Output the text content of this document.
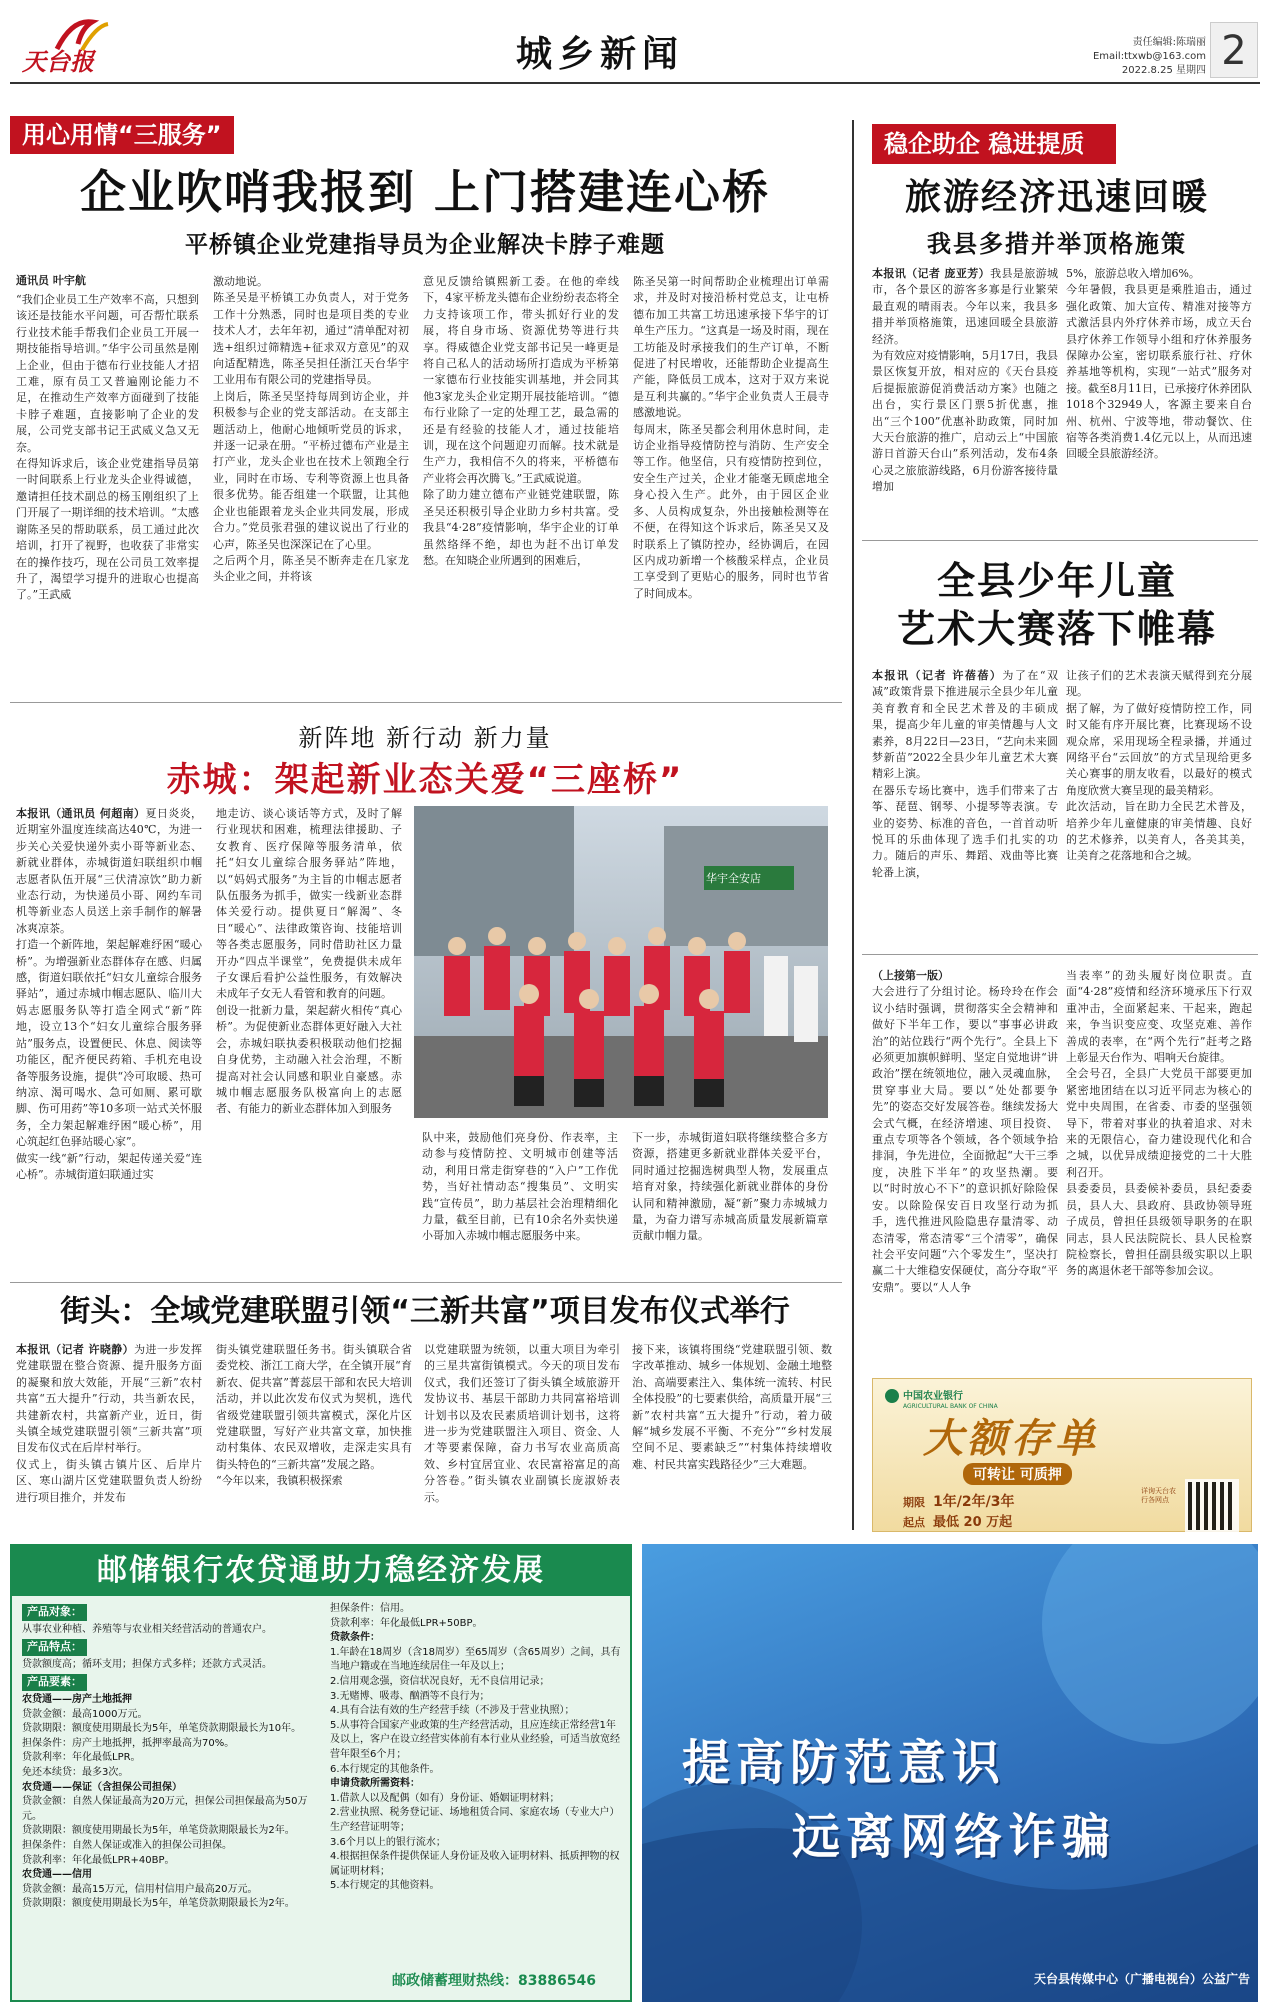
天台报	城乡新闻	责任编辑:陈瑞丽
Email:ttxwb@163.com
2022.8.25 星期四 2
用心用情“三服务”
企业吹哨我报到 上门搭建连心桥
平桥镇企业党建指导员为企业解决卡脖子难题
通讯员 叶宇航
“我们企业员工生产效率不高，只想到该还是技能水平问题，可否帮忙联系行业技术能手帮我们企业员工开展一期技能指导培训。”华宇公司虽然是刚上企业，但由于德布行业技能人才招工难，原有员工又普遍刚论能力不足，在推动生产效率方面碰到了技能卡脖子难题，直接影响了企业的发展，公司党支部书记王武威义急又无奈。
在得知诉求后，该企业党建指导员第一时间联系上行业龙头企业得诚德，邀请担任技术副总的杨玉刚组织了上门开展了一期详细的技术培训。“太感谢陈圣吴的帮助联系，员工通过此次培训，打开了视野，也收获了非常实在的操作技巧，现在公司员工效率提升了，渴望学习提升的进取心也提高了。”王武威
激动地说。
陈圣吴是平桥镇工办负责人，对于党务工作十分熟悉，同时也是项目类的专业技术人才，去年年初，通过“清单配对初选+组织过筛精选+征求双方意见”的双向适配精选，陈圣吴担任浙江天台华宇工业用布有限公司的党建指导员。
上岗后，陈圣吴坚持每周到访企业，并积极参与企业的党支部活动。在支部主题活动上，他耐心地倾听党员的诉求，并逐一记录在册。“平桥过德布产业是主打产业，龙头企业也在技术上领跑全行业，同时在市场、专利等资源上也具备很多优势。能否组建一个联盟，让其他企业也能跟着龙头企业共同发展，形成合力。”党员张君强的建议说出了行业的心声，陈圣吴也深深记在了心里。
之后两个月，陈圣吴不断奔走在几家龙头企业之间，并将该
意见反馈给镇熙新工委。在他的牵线下，4家平桥龙头德布企业纷纷表态将全力支持该项工作，带头抓好行业的发展，将自身市场、资源优势等进行共享。得威德企业党支部书记吴一峰更是将自己私人的活动场所打造成为平桥第一家德布行业技能实训基地，并会同其他3家龙头企业定期开展技能培训。“德布行业除了一定的处理工艺，最急需的还是有经验的技能人才，通过技能培训，现在这个问题迎刃而解。技术就是生产力，我相信不久的将来，平桥德布产业将会再次腾飞。”王武威说道。
除了助力建立德布产业链党建联盟，陈圣吴还积极引导企业助力乡村共富。受我县“4·28”疫情影响，华宇企业的订单虽然络绎不绝，却也为赶不出订单发愁。在知晓企业所遇到的困难后，
陈圣吴第一时间帮助企业梳理出订单需求，并及时对接沿桥村党总支，让屯桥德布加工共富工坊迅速承接下华宇的订单生产压力。“这真是一场及时雨，现在工坊能及时承接我们的生产订单，不断促进了村民增收，还能帮助企业提高生产能，降低员工成本，这对于双方来说是互利共赢的。”华宇企业负责人王晨寺感激地说。
每周末，陈圣吴都会利用休息时间，走访企业指导疫情防控与消防、生产安全等工作。他坚信，只有疫情防控到位，安全生产过关，企业才能毫无顾虑地全身心投入生产。此外，由于园区企业多、人员构成复杂，外出接触检测等在不便，在得知这个诉求后，陈圣吴又及时联系上了镇防控办，经协调后，在园区内成功新增一个核酸采样点，企业员工享受到了更贴心的服务，同时也节省了时间成本。
稳企助企 稳进提质
旅游经济迅速回暖
我县多措并举顶格施策
本报讯（记者 庞亚芳）我县是旅游城市，各个景区的游客多寡是行业繁荣最直观的晴雨表。今年以来，我县多措并举顶格施策，迅速回暖全县旅游经济。
为有效应对疫情影响，5月17日，我县景区恢复开放，相对应的《天台县疫后提振旅游促消费活动方案》也随之出台，实行景区门票5折优惠，推出“三个100”优惠补助政策，同时加大天台旅游的推广，启动云上“中国旅游日首游天台山”系列活动，发布4条心灵之旅旅游线路，6月份游客接待量增加
5%，旅游总收入增加6%。
今年暑假，我县更是乘胜追击，通过强化政策、加大宣传、精准对接等方式激活县内外疗休养市场，成立天台县疗休养工作领导小组和疗休养服务保障办公室，密切联系旅行社、疗休养基地等机构，实现“一站式”服务对接。截至8月11日，已承接疗休养团队1018个32949人，客源主要来自台州、杭州、宁波等地，带动餐饮、住宿等各类消费1.4亿元以上，从而迅速回暖全县旅游经济。
全县少年儿童
艺术大赛落下帷幕
本报讯（记者 许蓓蓓）为了在“双减”政策背景下推进展示全县少年儿童美育教育和全民艺术普及的丰硕成果，提高少年儿童的审美情趣与人文素养，8月22日—23日，“艺向未来圆梦新苗”2022全县少年儿童艺术大赛精彩上演。
在器乐专场比赛中，选手们带来了古筝、琵琶、钢琴、小提琴等表演。专业的姿势、标准的音色，一首首动听悦耳的乐曲体现了选手们扎实的功力。随后的声乐、舞蹈、戏曲等比赛轮番上演，
让孩子们的艺术表演天赋得到充分展现。
据了解，为了做好疫情防控工作，同时又能有序开展比赛，比赛现场不设观众席，采用现场全程录播，并通过网络平台“云回放”的方式呈现给更多关心赛事的朋友收看，以最好的模式角度欣赏大赛呈现的最美精彩。
此次活动，旨在助力全民艺术普及，培养少年儿童健康的审美情趣、良好的艺术修养，以美育人，各美其美，让美育之花落地和合之城。
新阵地 新行动 新力量
赤城：架起新业态关爱“三座桥”
本报讯（通讯员 何超南）夏日炎炎，近期室外温度连续高达40℃，为进一步关心关爱快递外卖小哥等新业态、新就业群体，赤城街道妇联组织巾帼志愿者队伍开展“三伏清凉饮”助力新业态行动，为快递员小哥、网约车司机等新业态人员送上亲手制作的解暑冰爽凉茶。
打造一个新阵地，架起解难纾困“暖心桥”。为增强新业态群体存在感、归属感，街道妇联依托“妇女儿童综合服务驿站”，通过赤城巾帼志愿队、临川大妈志愿服务队等打造全网式“新”阵地，设立13个“妇女儿童综合服务驿站”服务点，设置便民、休息、阅读等功能区，配齐便民药箱、手机充电设备等服务设施，提供“冷可取暖、热可纳凉、渴可喝水、急可如厕、累可歇脚、伤可用药”等10多项一站式关怀服务，全力架起解难纾困“暖心桥”，用心筑起红色驿站暖心家”。
做实一线“新”行动，架起传递关爱“连心桥”。赤城街道妇联通过实
地走访、谈心谈话等方式，及时了解行业现状和困难，梳理法律援助、子女教育、医疗保障等服务清单，依托“妇女儿童综合服务驿站”阵地，以“妈妈式服务”为主旨的巾帼志愿者队伍服务为抓手，做实一线新业态群体关爱行动。提供夏日“解渴”、冬日“暖心”、法律政策咨询、技能培训等各类志愿服务，同时借助社区力量开办“四点半课堂”，免费提供未成年子女课后看护公益性服务，有效解决未成年子女无人看管和教育的问题。
创设一批新力量，架起薪火相传“真心桥”。为促使新业态群体更好融入大社会，赤城妇联执委积极联动他们挖掘自身优势，主动融入社会治理，不断提高对社会认同感和职业自豪感。赤城巾帼志愿服务队极富向上的志愿者、有能力的新业态群体加入到服务
华宇全安店
队中来，鼓励他们亮身份、作表率，主动参与疫情防控、文明城市创建等活动，利用日常走街穿巷的“入户”工作优势，当好社情动态“搜集员”、文明实践“宣传员”，助力基层社会治理精细化力量，截至目前，已有10余名外卖快递小哥加入赤城巾帼志愿服务中来。
下一步，赤城街道妇联将继续整合多方资源，搭建更多新就业群体关爱平台，同时通过挖掘选树典型人物，发展重点培育对象，持续强化新就业群体的身份认同和精神激励，凝“新”聚力赤城城力量，为奋力谱写赤城高质量发展新篇章贡献巾帼力量。
街头：全域党建联盟引领“三新共富”项目发布仪式举行
本报讯（记者 许晓静）为进一步发挥党建联盟在整合资源、提升服务方面的凝聚和放大效能，开展“三新”农村共富“五大提升”行动，共当新农民，共建新农村，共富新产业，近日，街头镇全域党建联盟引领“三新共富”项目发布仪式在后岸村举行。
仪式上，街头镇古镇片区、后岸片区、寒山湖片区党建联盟负责人纷纷进行项目推介，并发布
街头镇党建联盟任务书。街头镇联合省委党校、浙江工商大学，在全镇开展“育新农、促共富”菁蕊层干部和农民大培训活动，并以此次发布仪式为契机，选代省级党建联盟引领共富模式，深化片区党建联盟，写好产业共富文章，加快推动村集体、农民双增收，走深走实具有街头特色的“三新共富”发展之路。
“今年以来，我镇积极探索
以党建联盟为统领，以重大项目为牵引的三星共富街镇模式。今天的项目发布仪式，我们还签订了街头镇全域旅游开发协议书、基层干部助力共同富裕培训计划书以及农民素质培训计划书，这将进一步为党建联盟注入项目、资金、人才等要素保障，奋力书写农业高质高效、乡村宜居宜业、农民富裕富足的高分答卷。”街头镇农业副镇长庞淑娇表示。
接下来，该镇将围绕“党建联盟引领、数字改革推动、城乡一体规划、金融土地整治、高端要素注入、集体统一流转、村民全体投股”的七要素供给，高质量开展“三新”农村共富“五大提升”行动，着力破解“城乡发展不平衡、不充分”“乡村发展空间不足、要素缺乏”“村集体持续增收难、村民共富实践路径少”三大难题。
（上接第一版）
大会进行了分组讨论。杨玲玲在作会议小结时强调，贯彻落实全会精神和做好下半年工作，要以“事事必讲政治”的站位践行“两个先行”。全县上下必须更加旗帜鲜明、坚定自觉地讲“讲政治”摆在统领地位，融入灵魂血脉，贯穿事业大局。要以“处处都要争先”的姿态交好发展答卷。继续发扬大会式气概，在经济增速、项目投资、重点专项等各个领域，各个领域争拾排洞，争先进位，全面掀起“大干三季度，决胜下半年”的攻坚热潮。要以“时时放心不下”的意识抓好除险保安。以除险保安百日攻坚行动为抓手，选代推进风险隐患存量清零、动态清零，常态清零“三个清零”，确保社会平安问题“六个零发生”，坚决打赢二十大维稳安保硬仗，高分夺取“平安鼎”。要以“人人争
当表率”的劲头履好岗位职责。直面“4·28”疫情和经济环境承压下行双重冲击，全面紧起来、干起来，跑起来，争当识变应变、攻坚克难、善作善成的表率，在“两个先行”赶考之路上彰显天台作为、唱响天台旋律。
全会号召，全县广大党员干部要更加紧密地团结在以习近平同志为核心的党中央周围，在省委、市委的坚强领导下，带着对事业的执着追求、对未来的无限信心，奋力建设现代化和合之城，以优异成绩迎接党的二十大胜利召开。
县委委员，县委候补委员，县纪委委员，县人大、县政府、县政协领导班子成员，曾担任县级领导职务的在职同志，县人民法院院长、县人民检察院检察长，曾担任副县级实职以上职务的离退休老干部等参加会议。
中国农业银行
AGRICULTURAL BANK OF CHINA
大额存单
可转让 可质押
期限 1年/2年/3年
起点 最低 20 万起
详询天台农行各网点
邮储银行农贷通助力稳经济发展
产品对象：
从事农业种植、养殖等与农业相关经营活动的普通农户。
产品特点：
贷款额度高；循环支用；担保方式多样；还款方式灵活。
产品要素：
农贷通——房产土地抵押
贷款金额：最高1000万元。
贷款期限：额度使用期最长为5年，单笔贷款期限最长为10年。
担保条件：房产土地抵押，抵押率最高为70%。
贷款利率：年化最低LPR。
免还本续贷：最多3次。
农贷通——保证（含担保公司担保）
贷款金额：自然人保证最高为20万元，担保公司担保最高为50万元。
贷款期限：额度使用期最长为5年，单笔贷款期限最长为2年。
担保条件：自然人保证或准入的担保公司担保。
贷款利率：年化最低LPR+40BP。
农贷通——信用
贷款金额：最高15万元，信用村信用户最高20万元。
贷款期限：额度使用期最长为5年，单笔贷款期限最长为2年。
担保条件：信用。
贷款利率：年化最低LPR+50BP。
贷款条件：
1.年龄在18周岁（含18周岁）至65周岁（含65周岁）之间，具有当地户籍或在当地连续居住一年及以上；
2.信用观念强，资信状况良好，无不良信用记录；
3.无赌博、吸毒、酗酒等不良行为；
4.具有合法有效的生产经营手续（不涉及于营业执照）；
5.从事符合国家产业政策的生产经营活动，且应连续正常经营1年及以上，客户在设立经营实体前有本行业从业经验，可适当放宽经营年限至6个月；
6.本行规定的其他条件。
申请贷款所需资料：
1.借款人以及配偶（如有）身份证、婚姻证明材料；
2.营业执照、税务登记证、场地租赁合同、家庭农场（专业大户）生产经营证明等；
3.6个月以上的银行流水；
4.根据担保条件提供保证人身份证及收入证明材料、抵质押物的权属证明材料；
5.本行规定的其他资料。
邮政储蓄理财热线：83886546
提高防范意识
远离网络诈骗
天台县传媒中心（广播电视台）公益广告
